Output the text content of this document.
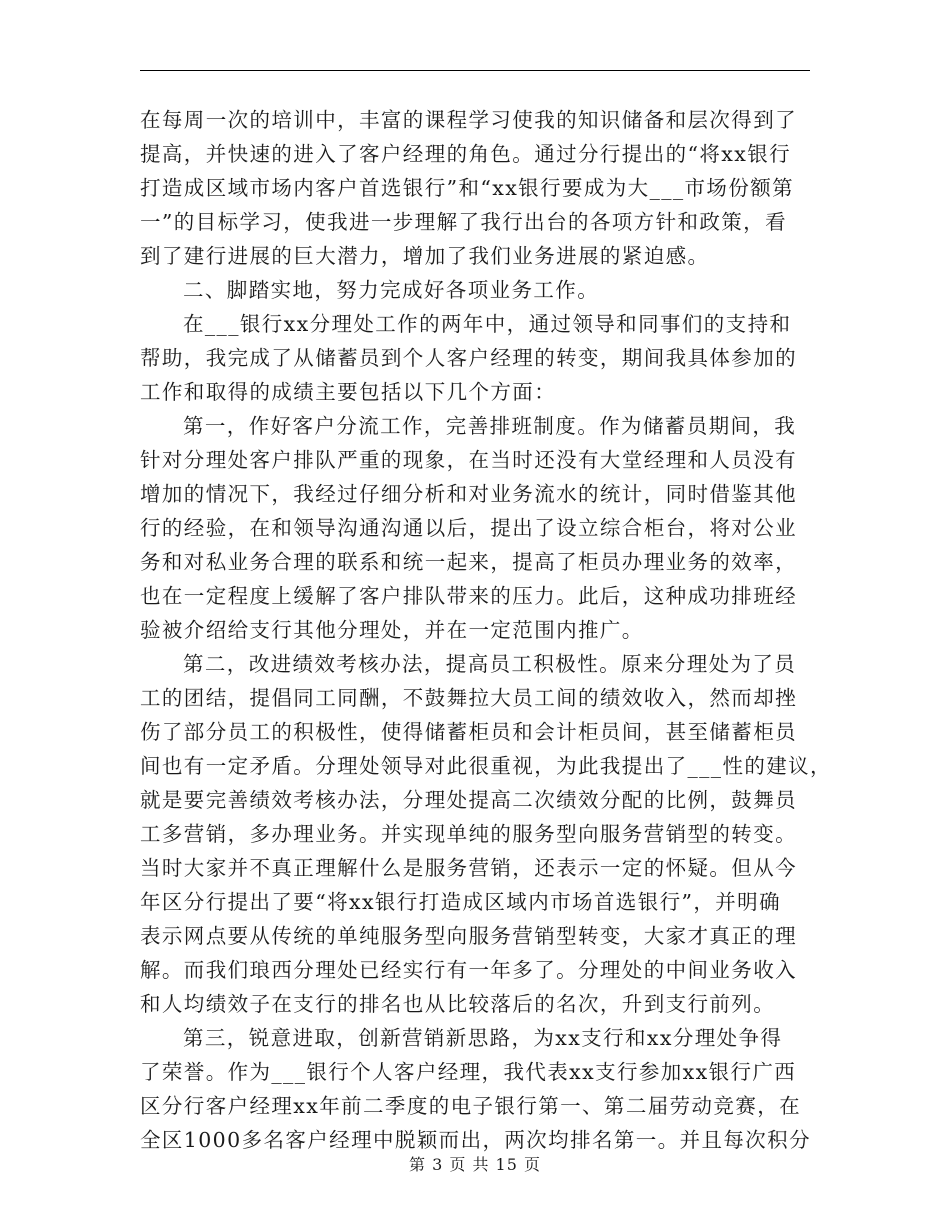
在每周一次的培训中，丰富的课程学习使我的知识储备和层次得到了
提高，并快速的进入了客户经理的角色。通过分行提出的“将xx银行
打造成区域市场内客户首选银行”和“xx银行要成为大___市场份额第
一”的目标学习，使我进一步理解了我行出台的各项方针和政策，看
到了建行进展的巨大潜力，增加了我们业务进展的紧迫感。
二、脚踏实地，努力完成好各项业务工作。
在___银行xx分理处工作的两年中，通过领导和同事们的支持和
帮助，我完成了从储蓄员到个人客户经理的转变，期间我具体参加的
工作和取得的成绩主要包括以下几个方面：
第一，作好客户分流工作，完善排班制度。作为储蓄员期间，我
针对分理处客户排队严重的现象，在当时还没有大堂经理和人员没有
增加的情况下，我经过仔细分析和对业务流水的统计，同时借鉴其他
行的经验，在和领导沟通沟通以后，提出了设立综合柜台，将对公业
务和对私业务合理的联系和统一起来，提高了柜员办理业务的效率，
也在一定程度上缓解了客户排队带来的压力。此后，这种成功排班经
验被介绍给支行其他分理处，并在一定范围内推广。
第二，改进绩效考核办法，提高员工积极性。原来分理处为了员
工的团结，提倡同工同酬，不鼓舞拉大员工间的绩效收入，然而却挫
伤了部分员工的积极性，使得储蓄柜员和会计柜员间，甚至储蓄柜员
间也有一定矛盾。分理处领导对此很重视，为此我提出了___性的建议，
就是要完善绩效考核办法，分理处提高二次绩效分配的比例，鼓舞员
工多营销，多办理业务。并实现单纯的服务型向服务营销型的转变。
当时大家并不真正理解什么是服务营销，还表示一定的怀疑。但从今
年区分行提出了要“将xx银行打造成区域内市场首选银行”，并明确
表示网点要从传统的单纯服务型向服务营销型转变，大家才真正的理
解。而我们琅西分理处已经实行有一年多了。分理处的中间业务收入
和人均绩效子在支行的排名也从比较落后的名次，升到支行前列。
第三，锐意进取，创新营销新思路，为xx支行和xx分理处争得
了荣誉。作为___银行个人客户经理，我代表xx支行参加xx银行广西
区分行客户经理xx年前二季度的电子银行第一、第二届劳动竞赛，在
全区1000多名客户经理中脱颖而出，两次均排名第一。并且每次积分
第 3 页 共 15 页
